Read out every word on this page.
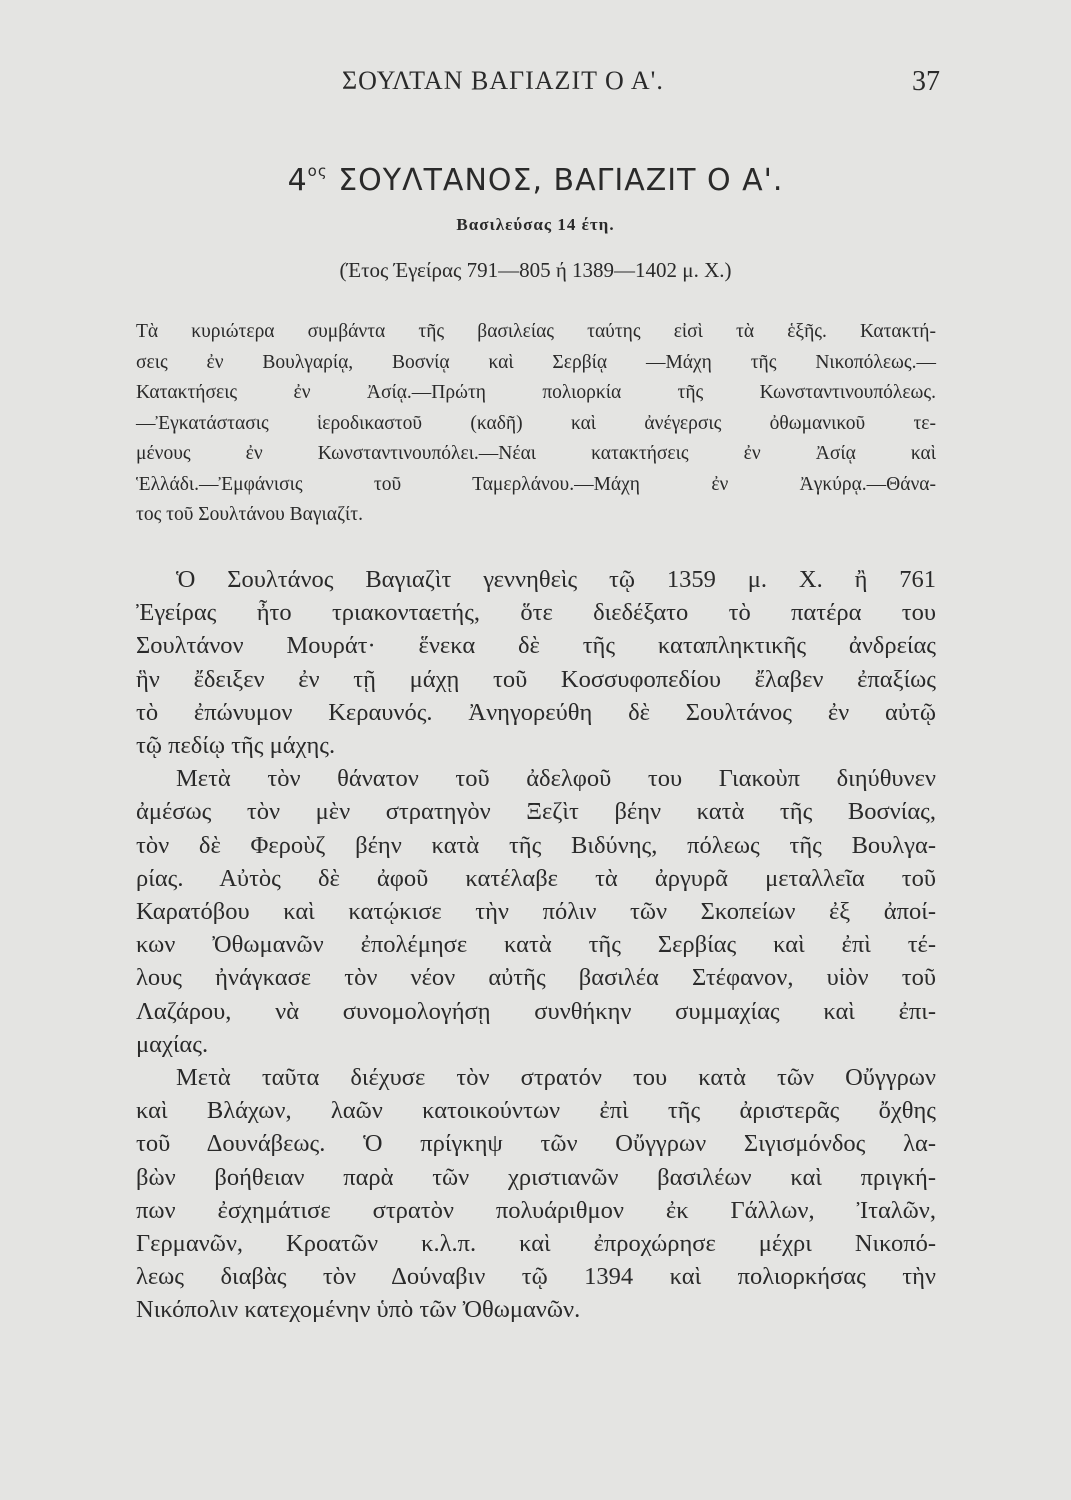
ΣΟΥΛΤΑΝ ΒΑΓΙΑΖΙΤ Ο Α'.	37
$4^{o\varsigma}$ ΣΟΥΛΤΑΝΟΣ, ΒΑΓΙΑΖΙΤ Ο Α'.
Βασιλεύσας 14 έτη.
(Έτος Έγείρας 791—805 ή 1389—1402 μ. Χ.)
Τὰ κυριώτερα συμβάντα τῆς βασιλείας ταύτης εἰσὶ τὰ ἑξῆς. Κατακτή-
σεις ἐν Βουλγαρίᾳ, Βοσνίᾳ καὶ Σερβίᾳ —Μάχη τῆς Νικοπόλεως.—
Κατακτήσεις ἐν Ἀσίᾳ.—Πρώτη πολιορκία τῆς Κωνσταντινουπόλεως.
—Ἐγκατάστασις ἱεροδικαστοῦ (καδῆ) καὶ ἀνέγερσις ὀθωμανικοῦ τε-
μένους ἐν Κωνσταντινουπόλει.—Νέαι κατακτήσεις ἐν Ἀσίᾳ καὶ
Ἑλλάδι.—Ἐμφάνισις τοῦ Ταμερλάνου.—Μάχη ἐν Ἀγκύρᾳ.—Θάνα-
τος τοῦ Σουλτάνου Βαγιαζίτ.
Ὁ Σουλτάνος Βαγιαζὶτ γεννηθεὶς τῷ 1359 μ. Χ. ἢ 761
Ἐγείρας ἦτο τριακονταετής, ὅτε διεδέξατο τὸ πατέρα του
Σουλτάνον Μουράτ· ἕνεκα δὲ τῆς καταπληκτικῆς ἀνδρείας
ἣν ἔδειξεν ἐν τῇ μάχῃ τοῦ Κοσσυφοπεδίου ἔλαβεν ἐπαξίως
τὸ ἐπώνυμον Κεραυνός. Ἀνηγορεύθη δὲ Σουλτάνος ἐν αὐτῷ
τῷ πεδίῳ τῆς μάχης.
Μετὰ τὸν θάνατον τοῦ ἀδελφοῦ του Γιακοὺπ διηύθυνεν
ἀμέσως τὸν μὲν στρατηγὸν Ξεζὶτ βέην κατὰ τῆς Βοσνίας,
τὸν δὲ Φεροὺζ βέην κατὰ τῆς Βιδύνης, πόλεως τῆς Βουλγα-
ρίας. Αὐτὸς δὲ ἀφοῦ κατέλαβε τὰ ἀργυρᾶ μεταλλεῖα τοῦ
Καρατόβου καὶ κατῴκισε τὴν πόλιν τῶν Σκοπείων ἐξ ἀποί-
κων Ὀθωμανῶν ἐπολέμησε κατὰ τῆς Σερβίας καὶ ἐπὶ τέ-
λους ἠνάγκασε τὸν νέον αὐτῆς βασιλέα Στέφανον, υἱὸν τοῦ
Λαζάρου, νὰ συνομολογήσῃ συνθήκην συμμαχίας καὶ ἐπι-
μαχίας.
Μετὰ ταῦτα διέχυσε τὸν στρατόν του κατὰ τῶν Οὔγγρων
καὶ Βλάχων, λαῶν κατοικούντων ἐπὶ τῆς ἀριστερᾶς ὄχθης
τοῦ Δουνάβεως. Ὁ πρίγκηψ τῶν Οὔγγρων Σιγισμόνδος λα-
βὼν βοήθειαν παρὰ τῶν χριστιανῶν βασιλέων καὶ πριγκή-
πων ἐσχημάτισε στρατὸν πολυάριθμον ἐκ Γάλλων, Ἰταλῶν,
Γερμανῶν, Κροατῶν κ.λ.π. καὶ ἐπροχώρησε μέχρι Νικοπό-
λεως διαβὰς τὸν Δούναβιν τῷ 1394 καὶ πολιορκήσας τὴν
Νικόπολιν κατεχομένην ὑπὸ τῶν Ὀθωμανῶν.
